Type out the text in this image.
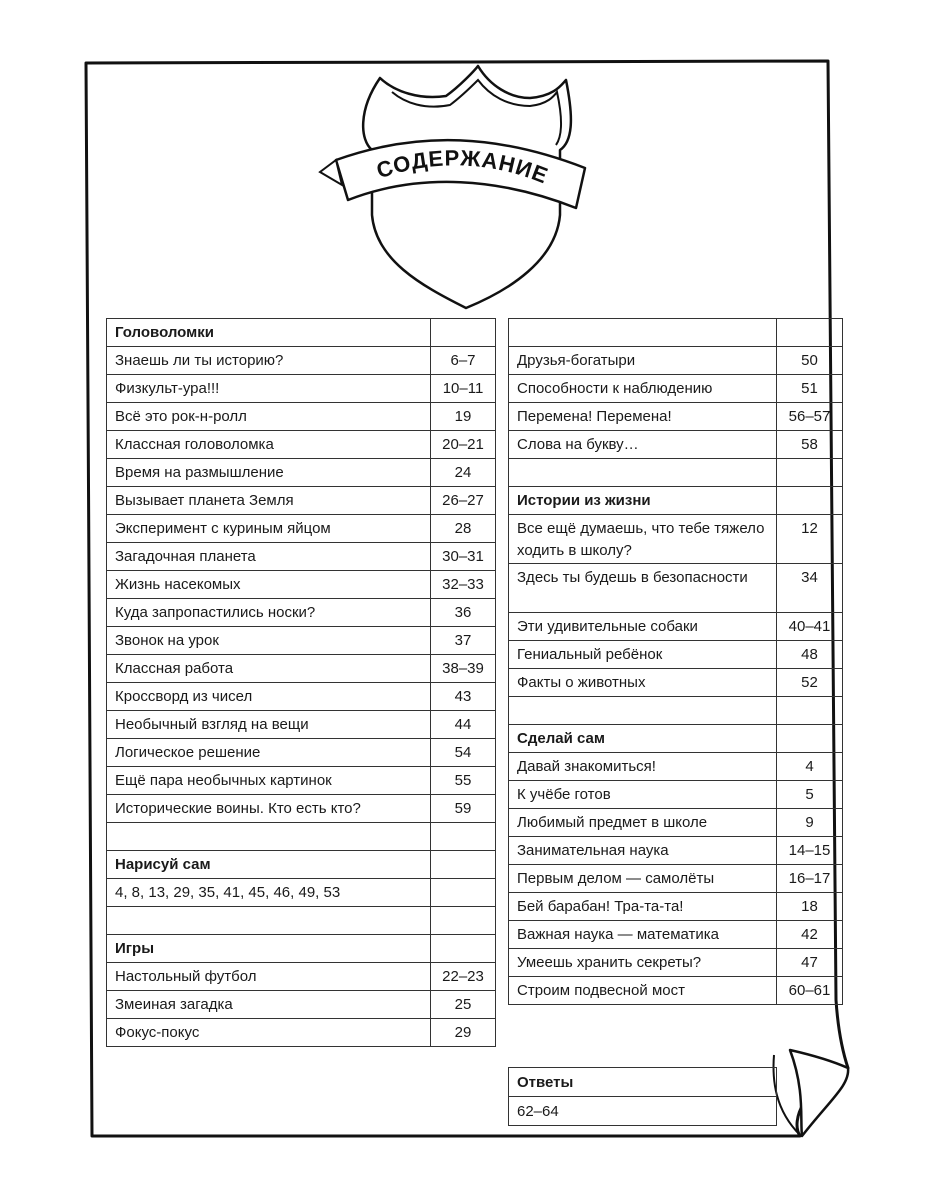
СОДЕРЖАНИЕ
Головоломки	
Знаешь ли ты историю?	6–7
Физкульт-ура!!!	10–11
Всё это рок-н-ролл	19
Классная головоломка	20–21
Время на размышление	24
Вызывает планета Земля	26–27
Эксперимент с куриным яйцом	28
Загадочная планета	30–31
Жизнь насекомых	32–33
Куда запропастились носки?	36
Звонок на урок	37
Классная работа	38–39
Кроссворд из чисел	43
Необычный взгляд на вещи	44
Логическое решение	54
Ещё пара необычных картинок	55
Исторические воины. Кто есть кто?	59

Нарисуй сам	
4, 8, 13, 29, 35, 41, 45, 46, 49, 53	

Игры	
Настольный футбол	22–23
Змеиная загадка	25
Фокус-покус	29

Друзья-богатыри	50
Способности к наблюдению	51
Перемена! Перемена!	56–57
Слова на букву…	58

Истории из жизни	
Все ещё думаешь, что тебе тяжело ходить в школу?	12
Здесь ты будешь в безопасности	34
Эти удивительные собаки	40–41
Гениальный ребёнок	48
Факты о животных	52

Сделай сам	
Давай знакомиться!	4
К учёбе готов	5
Любимый предмет в школе	9
Занимательная наука	14–15
Первым делом — самолёты	16–17
Бей барабан! Тра-та-та!	18
Важная наука — математика	42
Умеешь хранить секреты?	47
Строим подвесной мост	60–61
Ответы
62–64
